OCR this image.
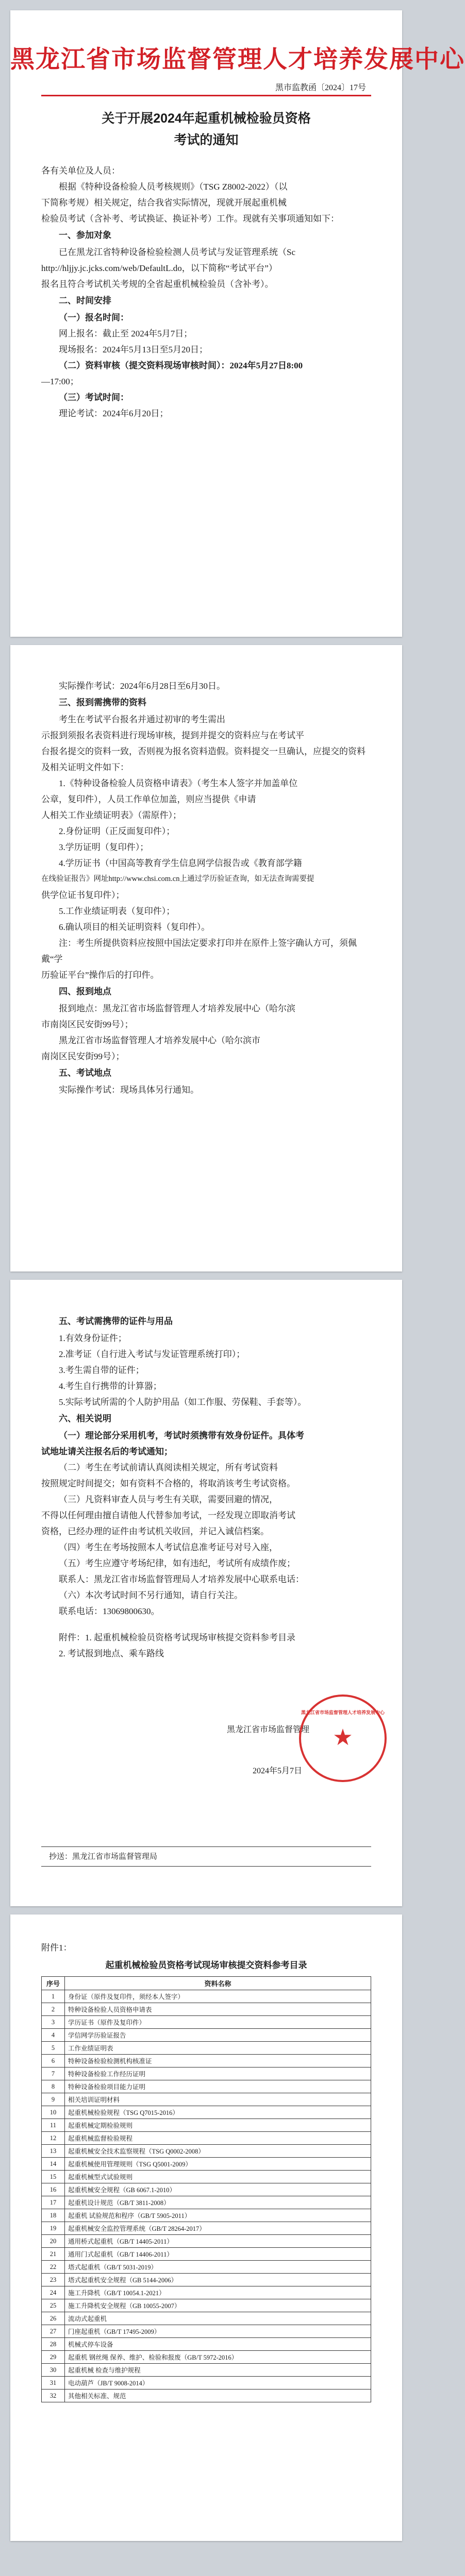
黑龙江省市场监督管理人才培养发展中心
黑市监教函〔2024〕17号
关于开展2024年起重机械检验员资格
考试的通知

各有关单位及人员：

根据《特种设备检验人员考核规则》（TSG Z8002-2022）（以

下简称考规）相关规定，结合我省实际情况，现就开展起重机械

检验员考试（含补考、考试换证、换证补考）工作。现就有关事项通知如下：

一、参加对象

已在黑龙江省特种设备检验检测人员考试与发证管理系统（Sc

http://hljjy.jc.jcks.com/web/DefaultL.do，以下简称“考试平台”）

报名且符合考试机关考规的全省起重机械检验员（含补考）。

二、时间安排

（一）报名时间：

网上报名：截止至 2024年5月7日；

现场报名：2024年5月13日至5月20日；

（二）资料审核（提交资料现场审核时间）：2024年5月27日8:00

—17:00；

（三）考试时间：

理论考试：2024年6月20日；

实际操作考试：2024年6月28日至6月30日。

三、报到需携带的资料

考生在考试平台报名并通过初审的考生需出

示报到须报名表资料进行现场审核，提到并提交的资料应与在考试平

台报名提交的资料一致，否则视为报名资料造假。资料提交一旦确认，应提交的资料

及相关证明文件如下：

1.《特种设备检验人员资格申请表》（考生本人签字并加盖单位

公章，复印件），人员工作单位加盖，则应当提供《申请

人相关工作业绩证明表》（需原件）；

2.身份证明（正反面复印件）；

3.学历证明（复印件）；

4.学历证书（中国高等教育学生信息网学信报告或《教育部学籍

在线验证报告》网址http://www.chsi.com.cn上通过学历验证查询，如无法查询需要提

供学位证书复印件）；

5.工作业绩证明表（复印件）；

6.确认项目的相关证明资料（复印件）。

注：考生所提供资料应按照中国法定要求打印并在原件上签字确认方可，须佩戴“学

历验证平台”操作后的打印件。

四、报到地点

报到地点：黑龙江省市场监督管理人才培养发展中心（哈尔滨

市南岗区民安街99号）；

黑龙江省市场监督管理人才培养发展中心（哈尔滨市

南岗区民安街99号）；

五、考试地点

实际操作考试：现场具体另行通知。

五、考试需携带的证件与用品

1.有效身份证件；

2.准考证（自行进入考试与发证管理系统打印）；

3.考生需自带的证件；

4.考生自行携带的计算器；

5.实际考试所需的个人防护用品（如工作服、劳保鞋、手套等）。

六、相关说明

（一）理论部分采用机考，考试时须携带有效身份证件。具体考

试地址请关注报名后的考试通知；

（二）考生在考试前请认真阅读相关规定，所有考试资料

按照规定时间提交；如有资料不合格的，将取消该考生考试资格。

（三）凡资料审查人员与考生有关联，需要回避的情况，

不得以任何理由擅自请他人代替参加考试，一经发现立即取消考试

资格，已经办理的证件由考试机关收回，并记入诚信档案。

（四）考生在考场按照本人考试信息准考证号对号入座，

（五）考生应遵守考场纪律，如有违纪，考试所有成绩作废；

联系人：黑龙江省市场监督管理局人才培养发展中心联系电话：

（六）本次考试时间不另行通知，请自行关注。

联系电话：13069800630。

附件：1. 起重机械检验员资格考试现场审核提交资料参考目录

2. 考试报到地点、乘车路线

黑龙江省市场监督管理
黑龙江省市场监督管理人才培养发展中心
★
2024年5月7日
抄送：黑龙江省市场监督管理局
附件1：
起重机械检验员资格考试现场审核提交资料参考目录
序号	资料名称
1	身份证（原件及复印件，须经本人签字）
2	特种设备检验人员资格申请表
3	学历证书（原件及复印件）
4	学信网学历验证报告
5	工作业绩证明表
6	特种设备检验检测机构核准证
7	特种设备检验工作经历证明
8	特种设备检验项目能力证明
9	相关培训证明材料
10	起重机械检验规程（TSG Q7015-2016）
11	起重机械定期检验规则
12	起重机械监督检验规程
13	起重机械安全技术监察规程（TSG Q0002-2008）
14	起重机械使用管理规则（TSG Q5001-2009）
15	起重机械型式试验规则
16	起重机械安全规程（GB 6067.1-2010）
17	起重机设计规范（GB/T 3811-2008）
18	起重机 试验规范和程序（GB/T 5905-2011）
19	起重机械安全监控管理系统（GB/T 28264-2017）
20	通用桥式起重机（GB/T 14405-2011）
21	通用门式起重机（GB/T 14406-2011）
22	塔式起重机（GB/T 5031-2019）
23	塔式起重机安全规程（GB 5144-2006）
24	施工升降机（GB/T 10054.1-2021）
25	施工升降机安全规程（GB 10055-2007）
26	流动式起重机
27	门座起重机（GB/T 17495-2009）
28	机械式停车设备
29	起重机 钢丝绳 保养、维护、检验和报废（GB/T 5972-2016）
30	起重机械 检查与维护规程
31	电动葫芦（JB/T 9008-2014）
32	其他相关标准、规范
